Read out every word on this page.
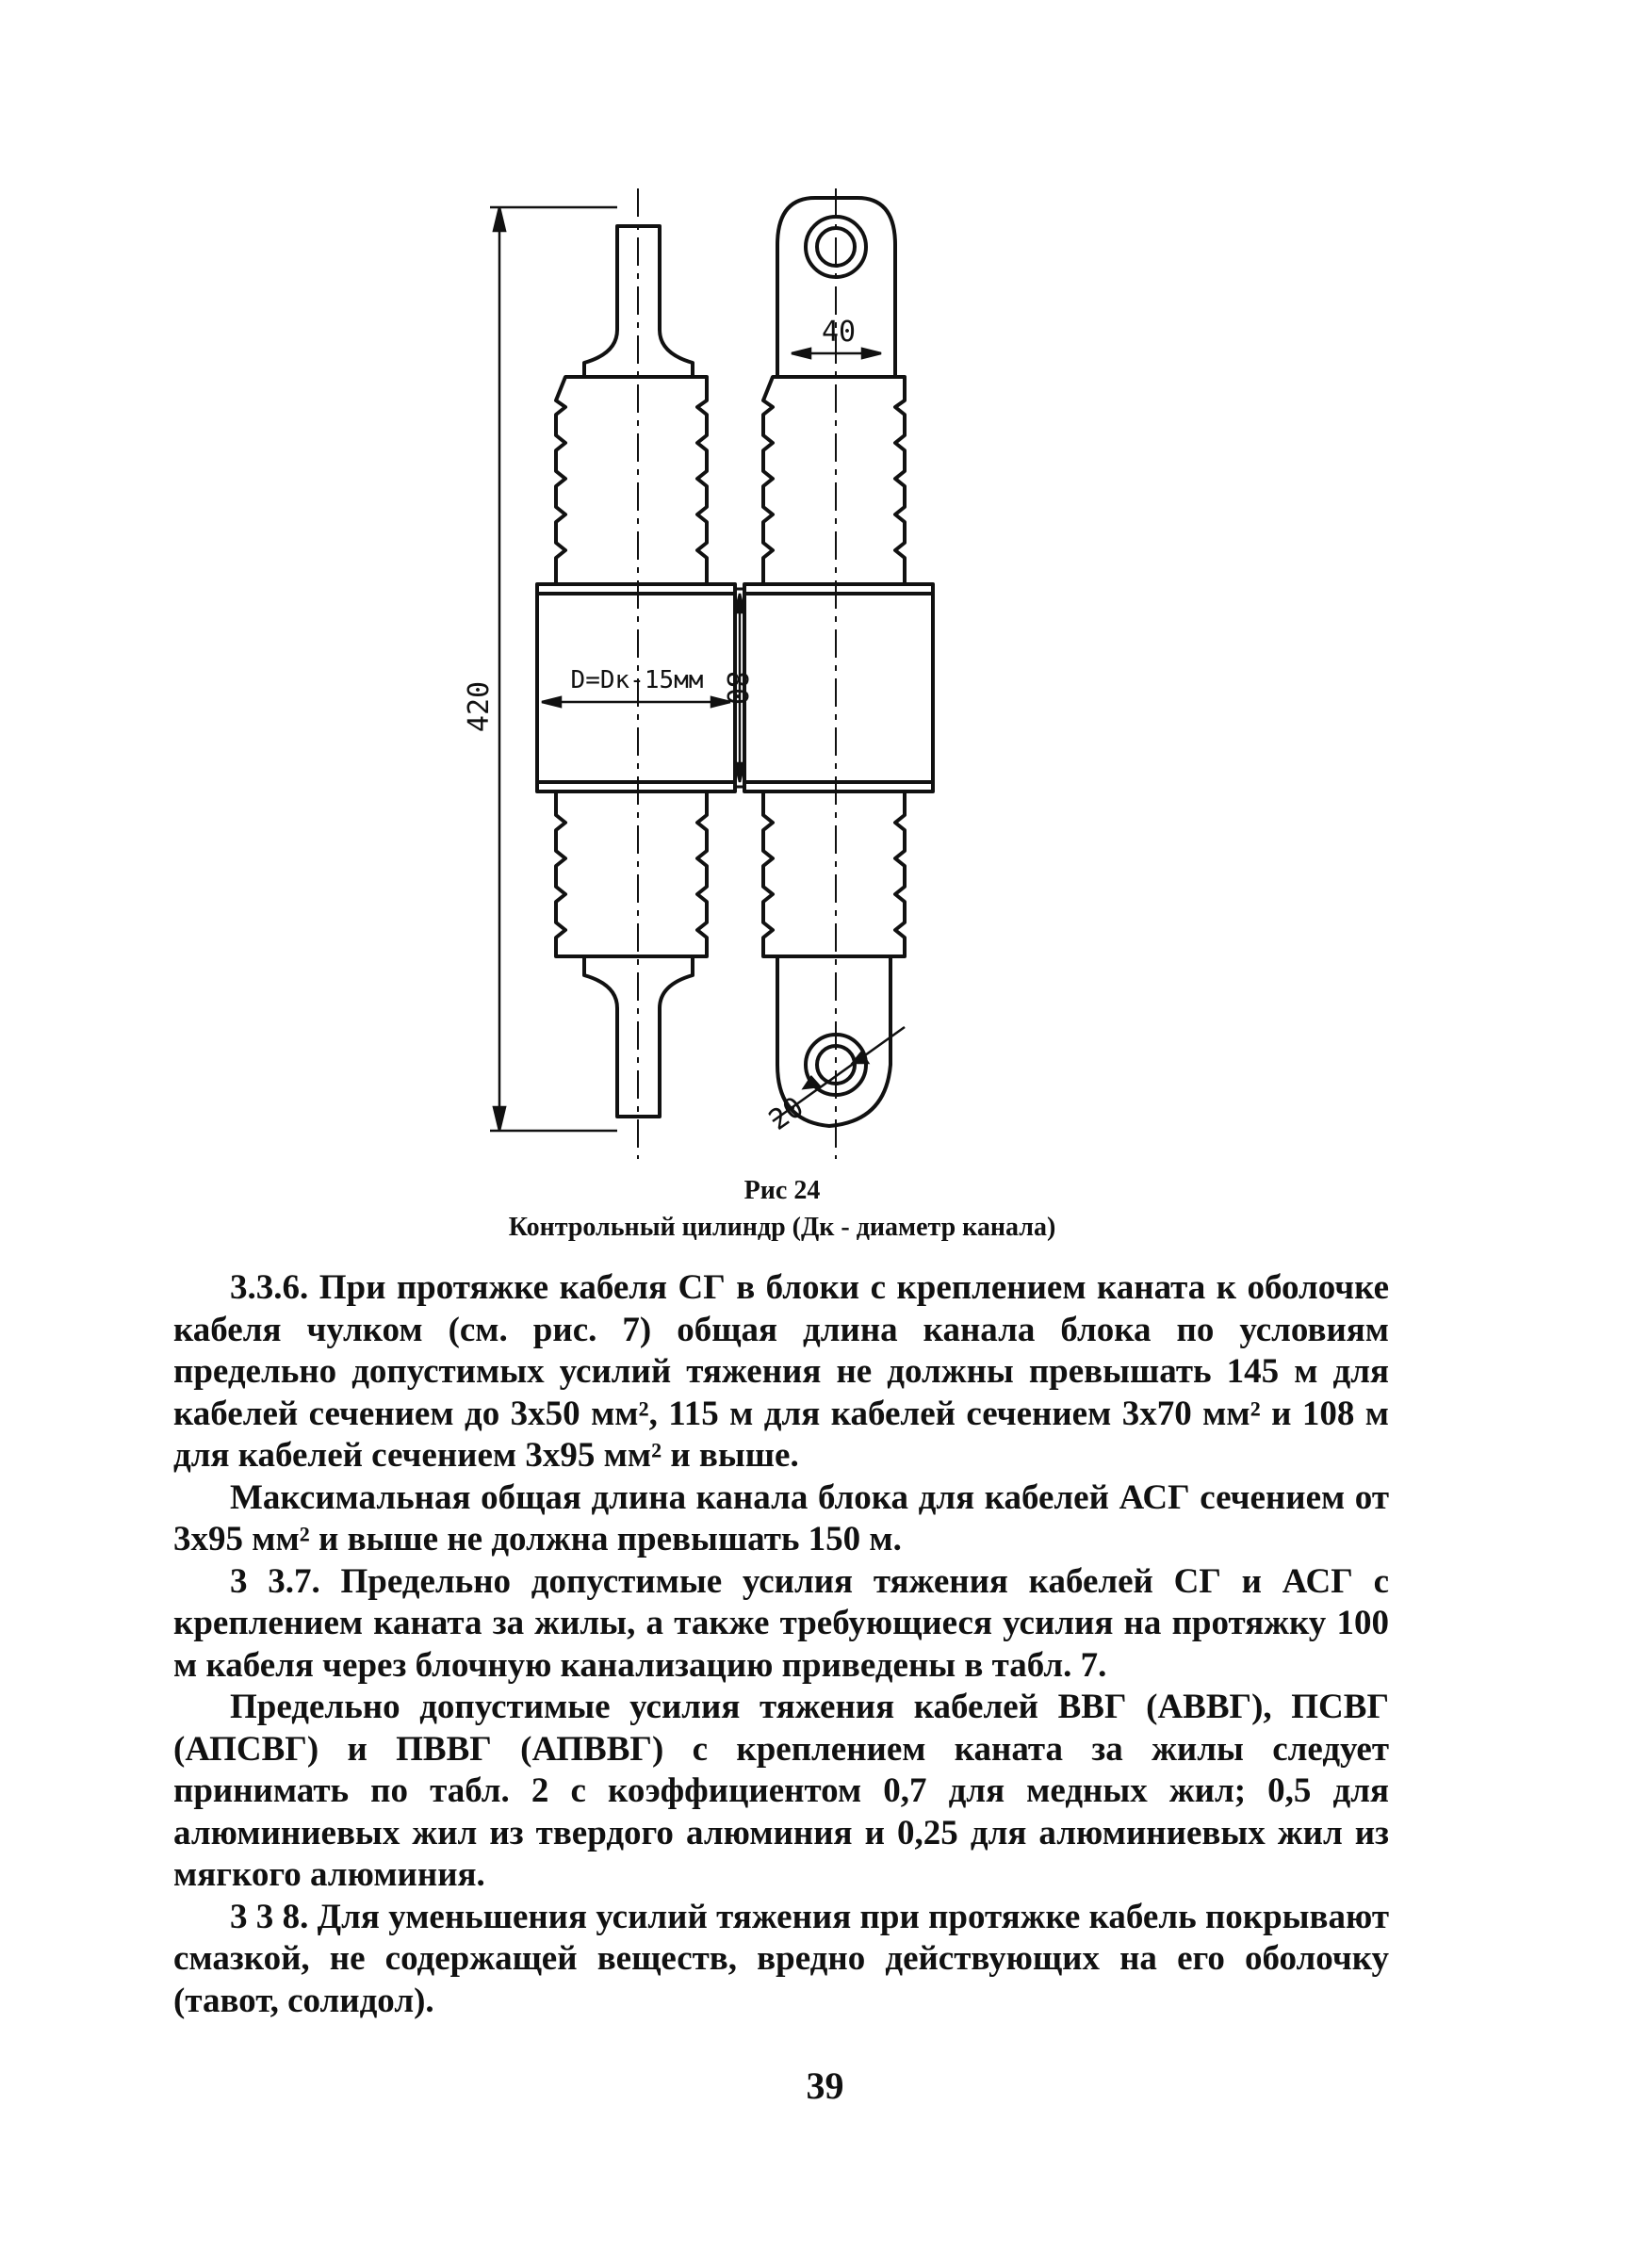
420
40
D=Dк-15мм 80
20
Рис 24
Контрольный цилиндр (Дк - диаметр канала)

3.3.6. При протяжке кабеля СГ в блоки с креплением каната к оболочке кабеля чулком (см. рис. 7) общая длина канала блока по условиям предельно допустимых усилий тяжения не должны превышать 145 м для кабелей сечением до 3х50 мм², 115 м для кабелей сечением 3х70 мм² и 108 м для кабелей сечением 3х95 мм² и выше.

Максимальная общая длина канала блока для кабелей АСГ сечением от 3х95 мм² и выше не должна превышать 150 м.

3 3.7. Предельно допустимые усилия тяжения кабелей СГ и АСГ с креплением каната за жилы, а также требующиеся усилия на протяжку 100 м кабеля через блочную канализацию приведены в табл. 7.

Предельно допустимые усилия тяжения кабелей ВВГ (АВВГ), ПСВГ (АПСВГ) и ПВВГ (АПВВГ) с креплением каната за жилы следует принимать по табл. 2 с коэффициентом 0,7 для медных жил; 0,5 для алюминиевых жил из твердого алюминия и 0,25 для алюминиевых жил из мягкого алюминия.

3 3 8. Для уменьшения усилий тяжения при протяжке кабель покрывают смазкой, не содержащей веществ, вредно действующих на его оболочку (тавот, солидол).

39
